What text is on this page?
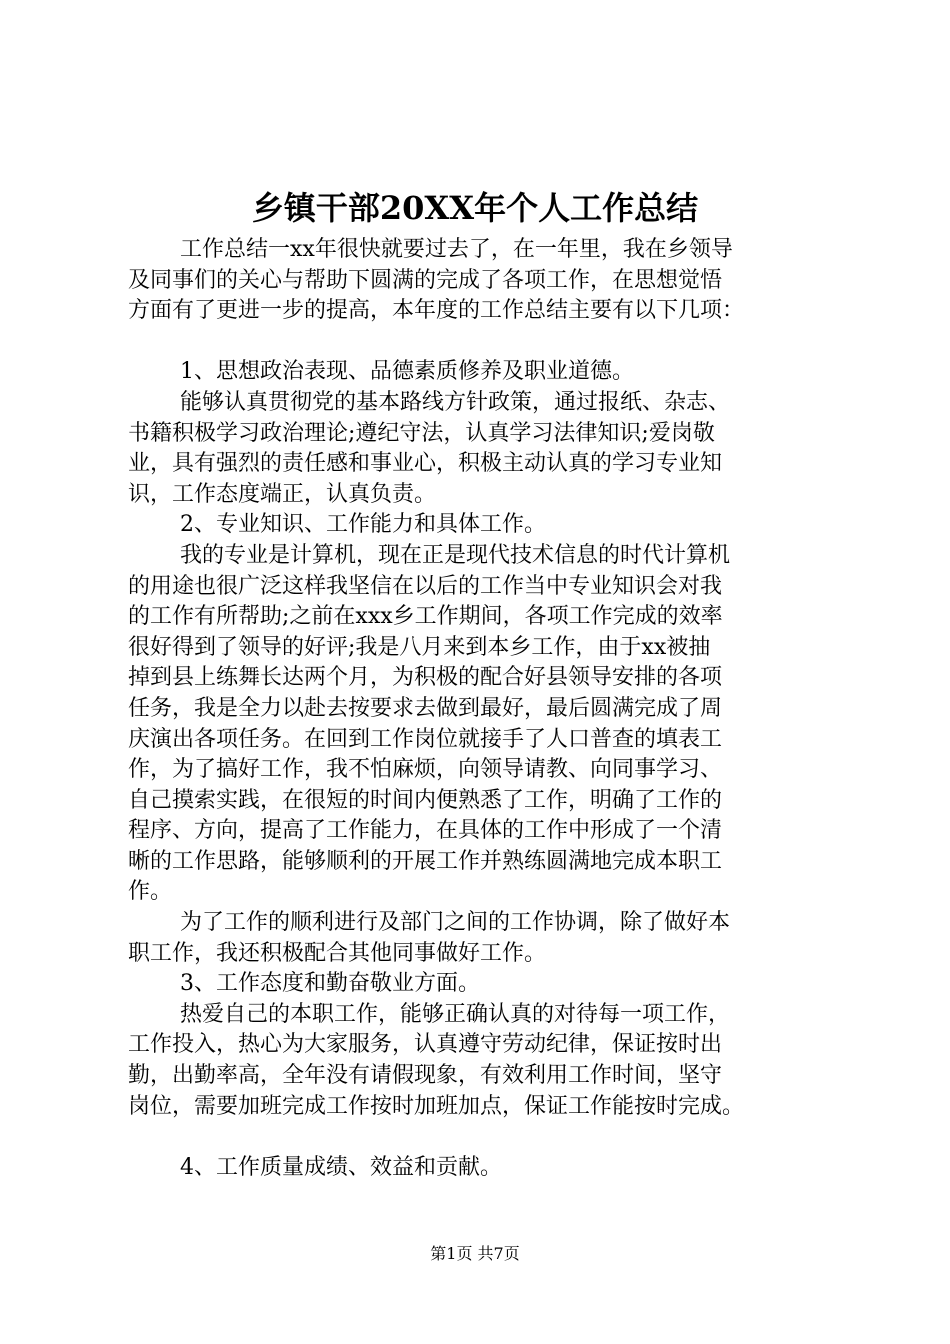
乡镇干部20XX年个人工作总结
工作总结一xx年很快就要过去了，在一年里，我在乡领导
及同事们的关心与帮助下圆满的完成了各项工作，在思想觉悟
方面有了更进一步的提高，本年度的工作总结主要有以下几项：
1、思想政治表现、品德素质修养及职业道德。
能够认真贯彻党的基本路线方针政策，通过报纸、杂志、
书籍积极学习政治理论;遵纪守法，认真学习法律知识;爱岗敬
业，具有强烈的责任感和事业心，积极主动认真的学习专业知
识，工作态度端正，认真负责。
2、专业知识、工作能力和具体工作。
我的专业是计算机，现在正是现代技术信息的时代计算机
的用途也很广泛这样我坚信在以后的工作当中专业知识会对我
的工作有所帮助;之前在xxx乡工作期间，各项工作完成的效率
很好得到了领导的好评;我是八月来到本乡工作，由于xx被抽
掉到县上练舞长达两个月，为积极的配合好县领导安排的各项
任务，我是全力以赴去按要求去做到最好，最后圆满完成了周
庆演出各项任务。在回到工作岗位就接手了人口普查的填表工
作，为了搞好工作，我不怕麻烦，向领导请教、向同事学习、
自己摸索实践，在很短的时间内便熟悉了工作，明确了工作的
程序、方向，提高了工作能力，在具体的工作中形成了一个清
晰的工作思路，能够顺利的开展工作并熟练圆满地完成本职工
作。
为了工作的顺利进行及部门之间的工作协调，除了做好本
职工作，我还积极配合其他同事做好工作。
3、工作态度和勤奋敬业方面。
热爱自己的本职工作，能够正确认真的对待每一项工作，
工作投入，热心为大家服务，认真遵守劳动纪律，保证按时出
勤，出勤率高，全年没有请假现象，有效利用工作时间，坚守
岗位，需要加班完成工作按时加班加点，保证工作能按时完成。
4、工作质量成绩、效益和贡献。
第1页 共7页
